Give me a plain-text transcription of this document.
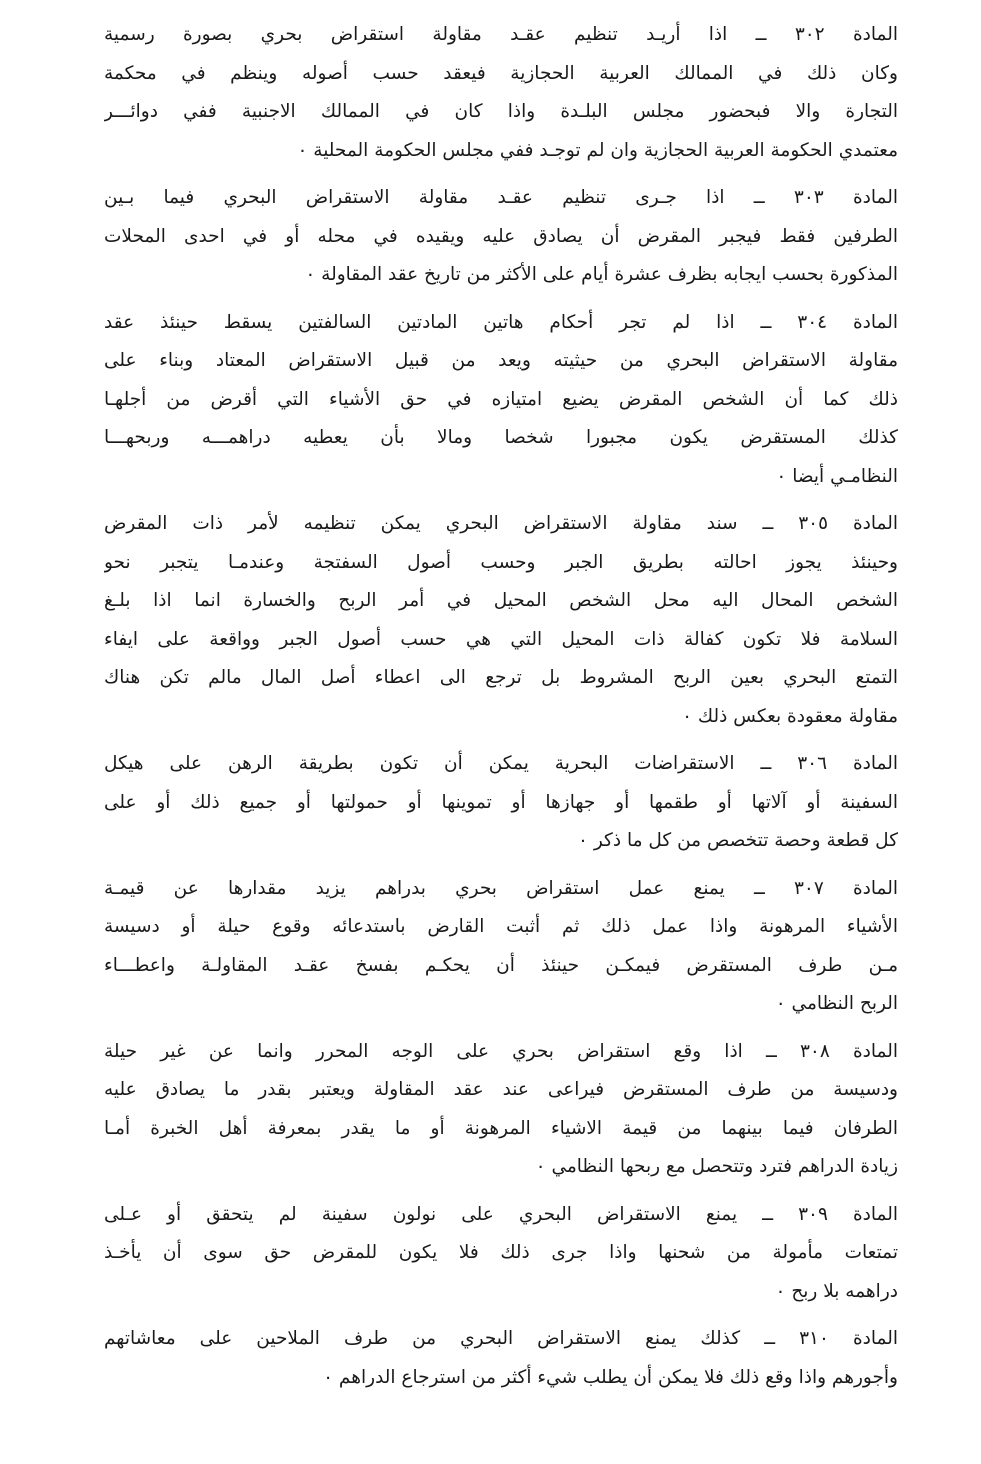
المادة ٣٠٢ ــ اذا أريـد تنظيم عقـد مقاولة استقراض بحري بصورة رسمية
وكان ذلك في الممالك العربية الحجازية فيعقد حسب أصوله وينظم في محكمة
التجارة والا فبحضور مجلس البلـدة واذا كان في الممالك الاجنبية ففي دوائـــر
معتمدي الحكومة العربية الحجازية وان لم توجـد ففي مجلس الحكومة المحلية ٠
المادة ٣٠٣ ــ اذا جـرى تنظيم عقـد مقاولة الاستقراض البحري فيما بـين
الطرفين فقط فيجبر المقرض أن يصادق عليه ويقيده في محله أو في احدى المحلات
المذكورة بحسب ايجابه بظرف عشرة أيام على الأكثر من تاريخ عقد المقاولة ٠
المادة ٣٠٤ ــ اذا لم تجر أحكام هاتين المادتين السالفتين يسقط حينئذ عقد
مقاولة الاستقراض البحري من حيثيته ويعد من قبيل الاستقراض المعتاد وبناء على
ذلك كما أن الشخص المقرض يضيع امتيازه في حق الأشياء التي أقرض من أجلهـا
كذلك المستقرض يكون مجبورا شخصا ومالا بأن يعطيه دراهمـــه وربحهـــا
النظامـي أيضا ٠
المادة ٣٠٥ ــ سند مقاولة الاستقراض البحري يمكن تنظيمه لأمر ذات المقرض
وحينئذ يجوز احالته بطريق الجبر وحسب أصول السفتجة وعندمـا يتجبر نحو
الشخص المحال اليه محل الشخص المحيل في أمر الربح والخسارة انما اذا بلـغ
السلامة فلا تكون كفالة ذات المحيل التي هي حسب أصول الجبر وواقعة على ايفاء
التمتع البحري بعين الربح المشروط بل ترجع الى اعطاء أصل المال مالم تكن هناك
مقاولة معقودة بعكس ذلك ٠
المادة ٣٠٦ ــ الاستقراضات البحرية يمكن أن تكون بطريقة الرهن على هيكل
السفينة أو آلاتها أو طقمها أو جهازها أو تموينها أو حمولتها أو جميع ذلك أو على
كل قطعة وحصة تتخصص من كل ما ذكر ٠
المادة ٣٠٧ ــ يمنع عمل استقراض بحري بدراهم يزيد مقدارها عن قيمـة
الأشياء المرهونة واذا عمل ذلك ثم أثبت القارض باستدعائه وقوع حيلة أو دسيسة
مـن طرف المستقرض فيمكـن حينئذ أن يحكـم بفسخ عقـد المقاولـة واعطـــاء
الربح النظامي ٠
المادة ٣٠٨ ــ اذا وقع استقراض بحري على الوجه المحرر وانما عن غير حيلة
ودسيسة من طرف المستقرض فيراعى عند عقد المقاولة ويعتبر بقدر ما يصادق عليه
الطرفان فيما بينهما من قيمة الاشياء المرهونة أو ما يقدر بمعرفة أهل الخبرة أمـا
زيادة الدراهم فترد وتتحصل مع ربحها النظامي ٠
المادة ٣٠٩ ــ يمنع الاستقراض البحري على نولون سفينة لم يتحقق أو عـلى
تمتعات مأمولة من شحنها واذا جرى ذلك فلا يكون للمقرض حق سوى أن يأخـذ
دراهمه بلا ربح ٠
المادة ٣١٠ ــ كذلك يمنع الاستقراض البحري من طرف الملاحين على معاشاتهم
وأجورهم واذا وقع ذلك فلا يمكن أن يطلب شيء أكثر من استرجاع الدراهم ٠
